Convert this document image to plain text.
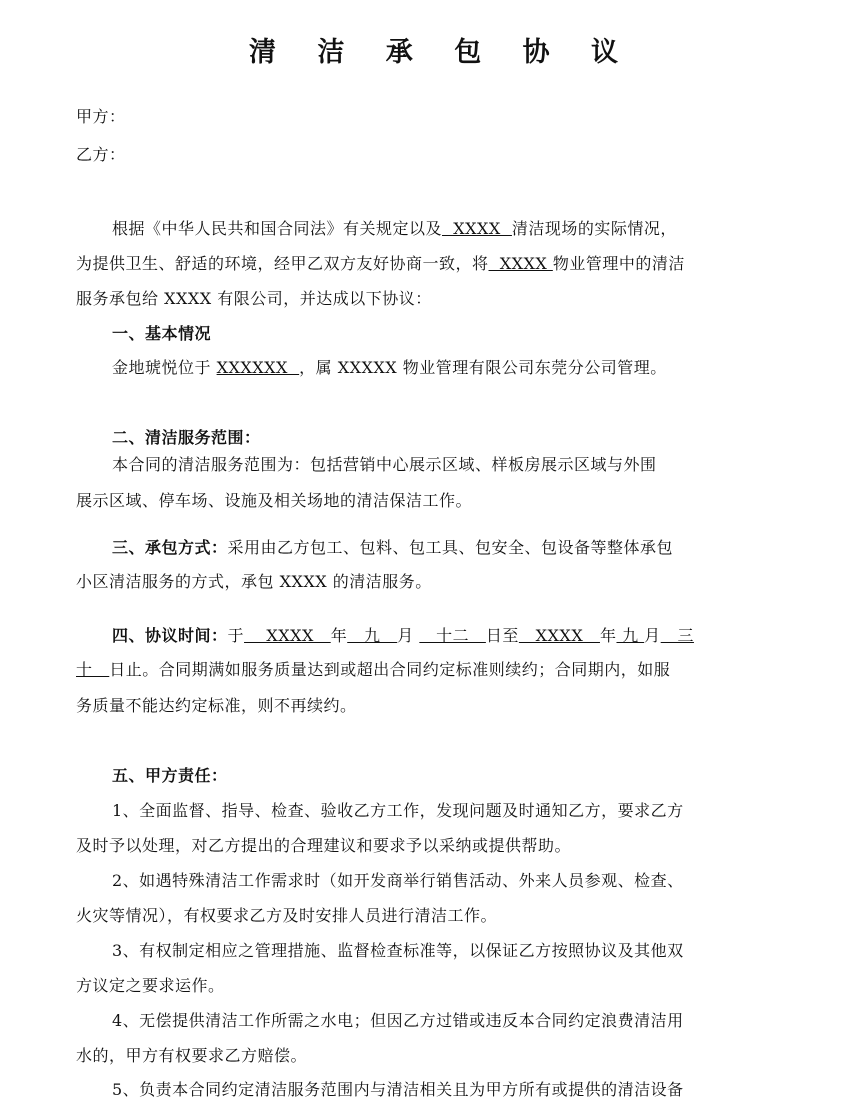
清 洁 承 包 协 议
甲方：
乙方：
根据《中华人民共和国合同法》有关规定以及  XXXX  清洁现场的实际情况，
为提供卫生、舒适的环境，经甲乙双方友好协商一致，将  XXXX 物业管理中的清洁
服务承包给 XXXX 有限公司，并达成以下协议：
一、基本情况
金地琥悦位于 XXXXXX  ，属 XXXXX 物业管理有限公司东莞分公司管理。
二、清洁服务范围：
本合同的清洁服务范围为：包括营销中心展示区域、样板房展示区域与外围
展示区域、停车场、设施及相关场地的清洁保洁工作。
三、承包方式：采用由乙方包工、包料、包工具、包安全、包设备等整体承包
小区清洁服务的方式，承包 XXXX 的清洁服务。
四、协议时间：于    XXXX   年   九   月    十二   日至   XXXX   年 九 月   三
十   日止。合同期满如服务质量达到或超出合同约定标准则续约；合同期内，如服
务质量不能达约定标准，则不再续约。
五、甲方责任：
1、全面监督、指导、检查、验收乙方工作，发现问题及时通知乙方，要求乙方
及时予以处理，对乙方提出的合理建议和要求予以采纳或提供帮助。
2、如遇特殊清洁工作需求时（如开发商举行销售活动、外来人员参观、检查、
火灾等情况），有权要求乙方及时安排人员进行清洁工作。
3、有权制定相应之管理措施、监督检查标准等，以保证乙方按照协议及其他双
方议定之要求运作。
4、无偿提供清洁工作所需之水电；但因乙方过错或违反本合同约定浪费清洁用
水的，甲方有权要求乙方赔偿。
5、负责本合同约定清洁服务范围内与清洁相关且为甲方所有或提供的清洁设备
